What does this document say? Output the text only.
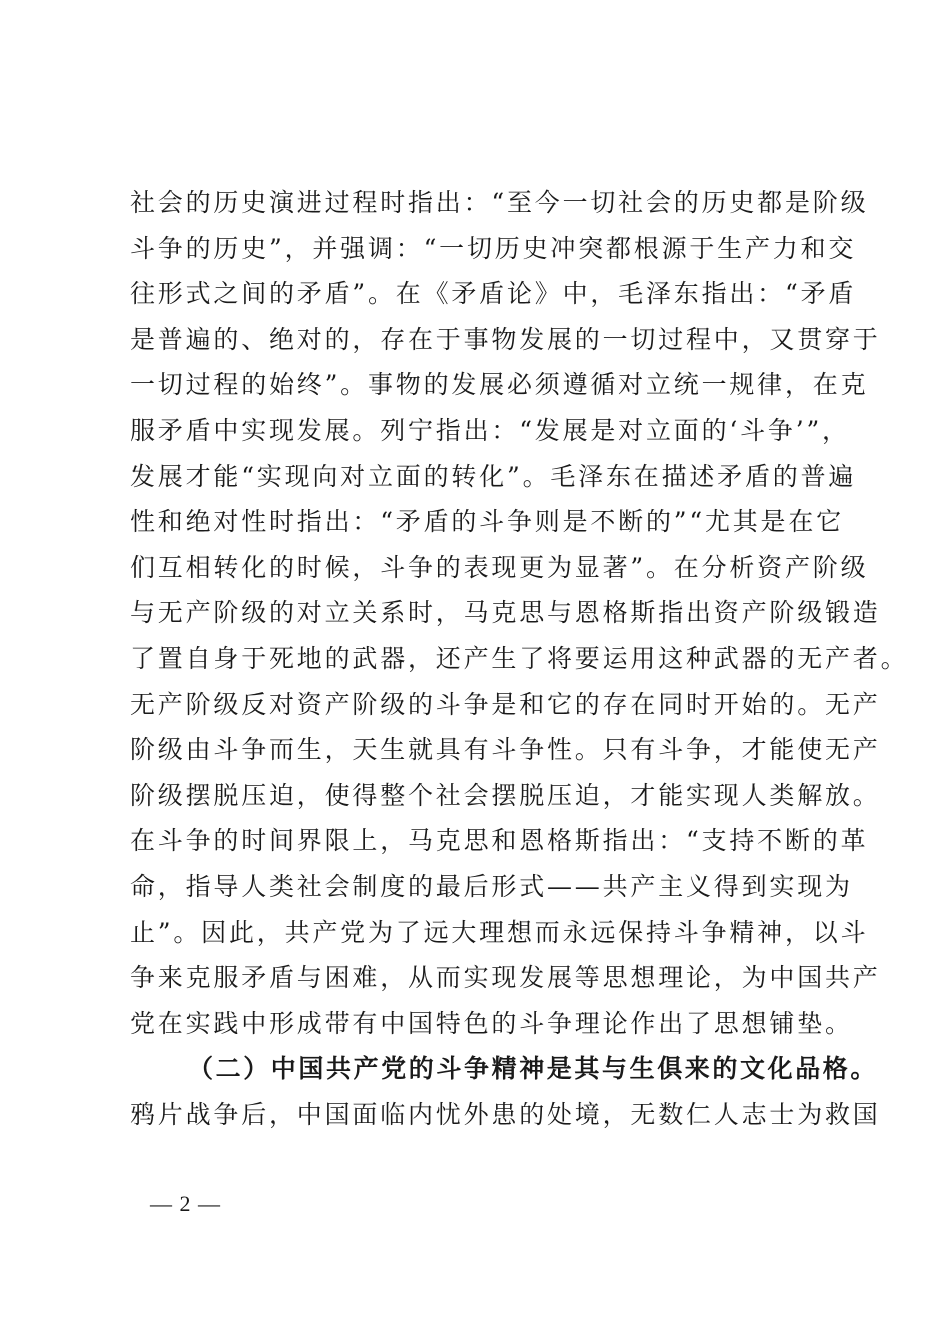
社会的历史演进过程时指出：“至今一切社会的历史都是阶级
斗争的历史”，并强调：“一切历史冲突都根源于生产力和交
往形式之间的矛盾”。在《矛盾论》中，毛泽东指出：“矛盾
是普遍的、绝对的，存在于事物发展的一切过程中，又贯穿于
一切过程的始终”。事物的发展必须遵循对立统一规律，在克
服矛盾中实现发展。列宁指出：“发展是对立面的‘斗争’”，
发展才能“实现向对立面的转化”。毛泽东在描述矛盾的普遍
性和绝对性时指出：“矛盾的斗争则是不断的”“尤其是在它
们互相转化的时候，斗争的表现更为显著”。在分析资产阶级
与无产阶级的对立关系时，马克思与恩格斯指出资产阶级锻造
了置自身于死地的武器，还产生了将要运用这种武器的无产者。
无产阶级反对资产阶级的斗争是和它的存在同时开始的。无产
阶级由斗争而生，天生就具有斗争性。只有斗争，才能使无产
阶级摆脱压迫，使得整个社会摆脱压迫，才能实现人类解放。
在斗争的时间界限上，马克思和恩格斯指出：“支持不断的革
命，指导人类社会制度的最后形式——共产主义得到实现为
止”。因此，共产党为了远大理想而永远保持斗争精神，以斗
争来克服矛盾与困难，从而实现发展等思想理论，为中国共产
党在实践中形成带有中国特色的斗争理论作出了思想铺垫。
（二）中国共产党的斗争精神是其与生俱来的文化品格。
鸦片战争后，中国面临内忧外患的处境，无数仁人志士为救国
— 2 —
